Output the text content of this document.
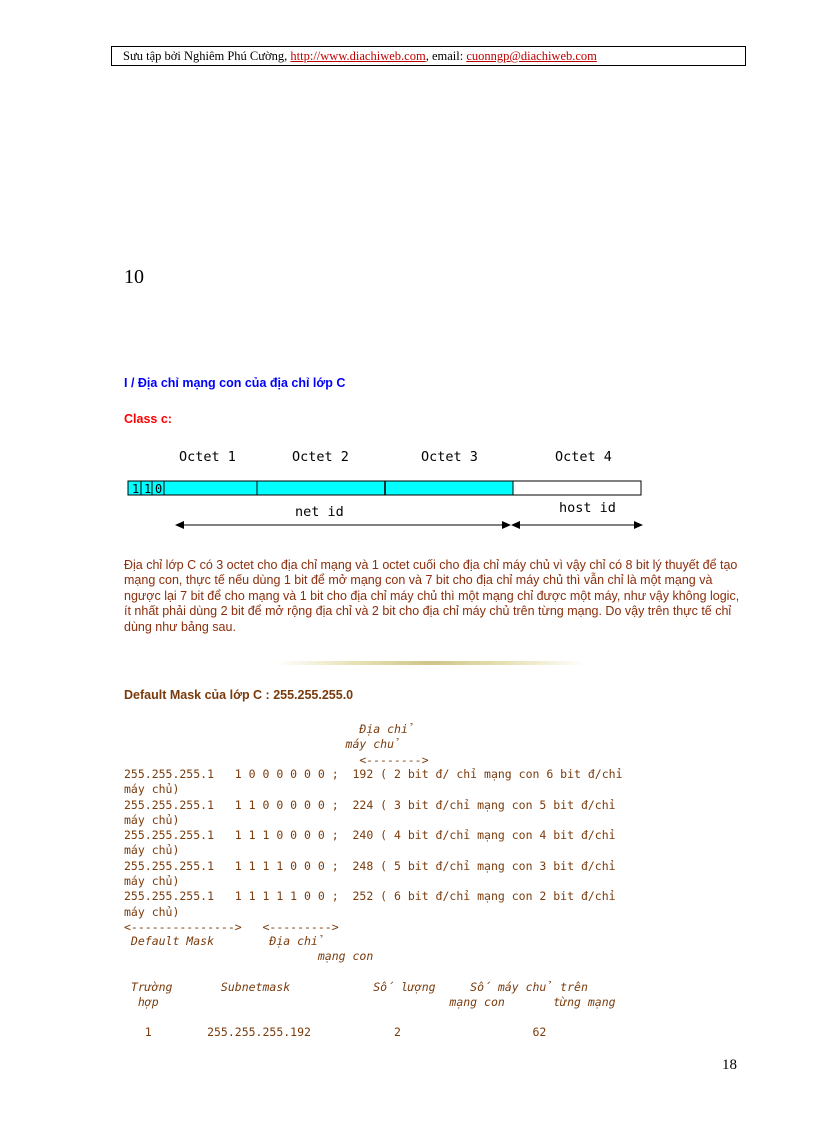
Sưu tập bởi Nghiêm Phú Cường, http://www.diachiweb.com, email: cuonngp@diachiweb.com
10
I / Địa chỉ mạng con của địa chỉ lớp C
Class c:
Octet 1	Octet 2	Octet 3	Octet 4
1 1 0
net id	host id
Địa chỉ lớp C có 3 octet cho địa chỉ mạng và 1 octet cuối cho địa chỉ máy chủ vì vậy chỉ có 8 bit lý thuyết để tạo mạng con, thực tế nếu dùng 1 bit để mở mạng con và 7 bit cho địa chỉ máy chủ thì vẫn chỉ là một mạng và ngược lại 7 bit để cho mạng và 1 bit cho địa chỉ máy chủ thì một mạng chỉ được một máy, như vậy không logic, ít nhất phải dùng 2 bit để mở rộng địa chỉ và 2 bit cho địa chỉ máy chủ trên từng mạng. Do vậy trên thực tế chỉ dùng như bảng sau.
Default Mask của lớp C : 255.255.255.0
Địa chỉ
máy chủ
<-------->
255.255.255.1   1 0 0 0 0 0 0 ;  192 ( 2 bit đ/ chỉ mạng con 6 bit đ/chỉ
máy chủ)
255.255.255.1   1 1 0 0 0 0 0 ;  224 ( 3 bit đ/chỉ mạng con 5 bit đ/chỉ
máy chủ)
255.255.255.1   1 1 1 0 0 0 0 ;  240 ( 4 bit đ/chỉ mạng con 4 bit đ/chỉ
máy chủ)
255.255.255.1   1 1 1 1 0 0 0 ;  248 ( 5 bit đ/chỉ mạng con 3 bit đ/chỉ
máy chủ)
255.255.255.1   1 1 1 1 1 0 0 ;  252 ( 6 bit đ/chỉ mạng con 2 bit đ/chỉ
máy chủ)
<--------------->   <--------->
Default Mask        Địa chỉ
mạng con
Trường       Subnetmask            Số lượng     Số máy chủ trên
hợp                                          mạng con       từng mạng
1        255.255.255.192            2                   62
18
